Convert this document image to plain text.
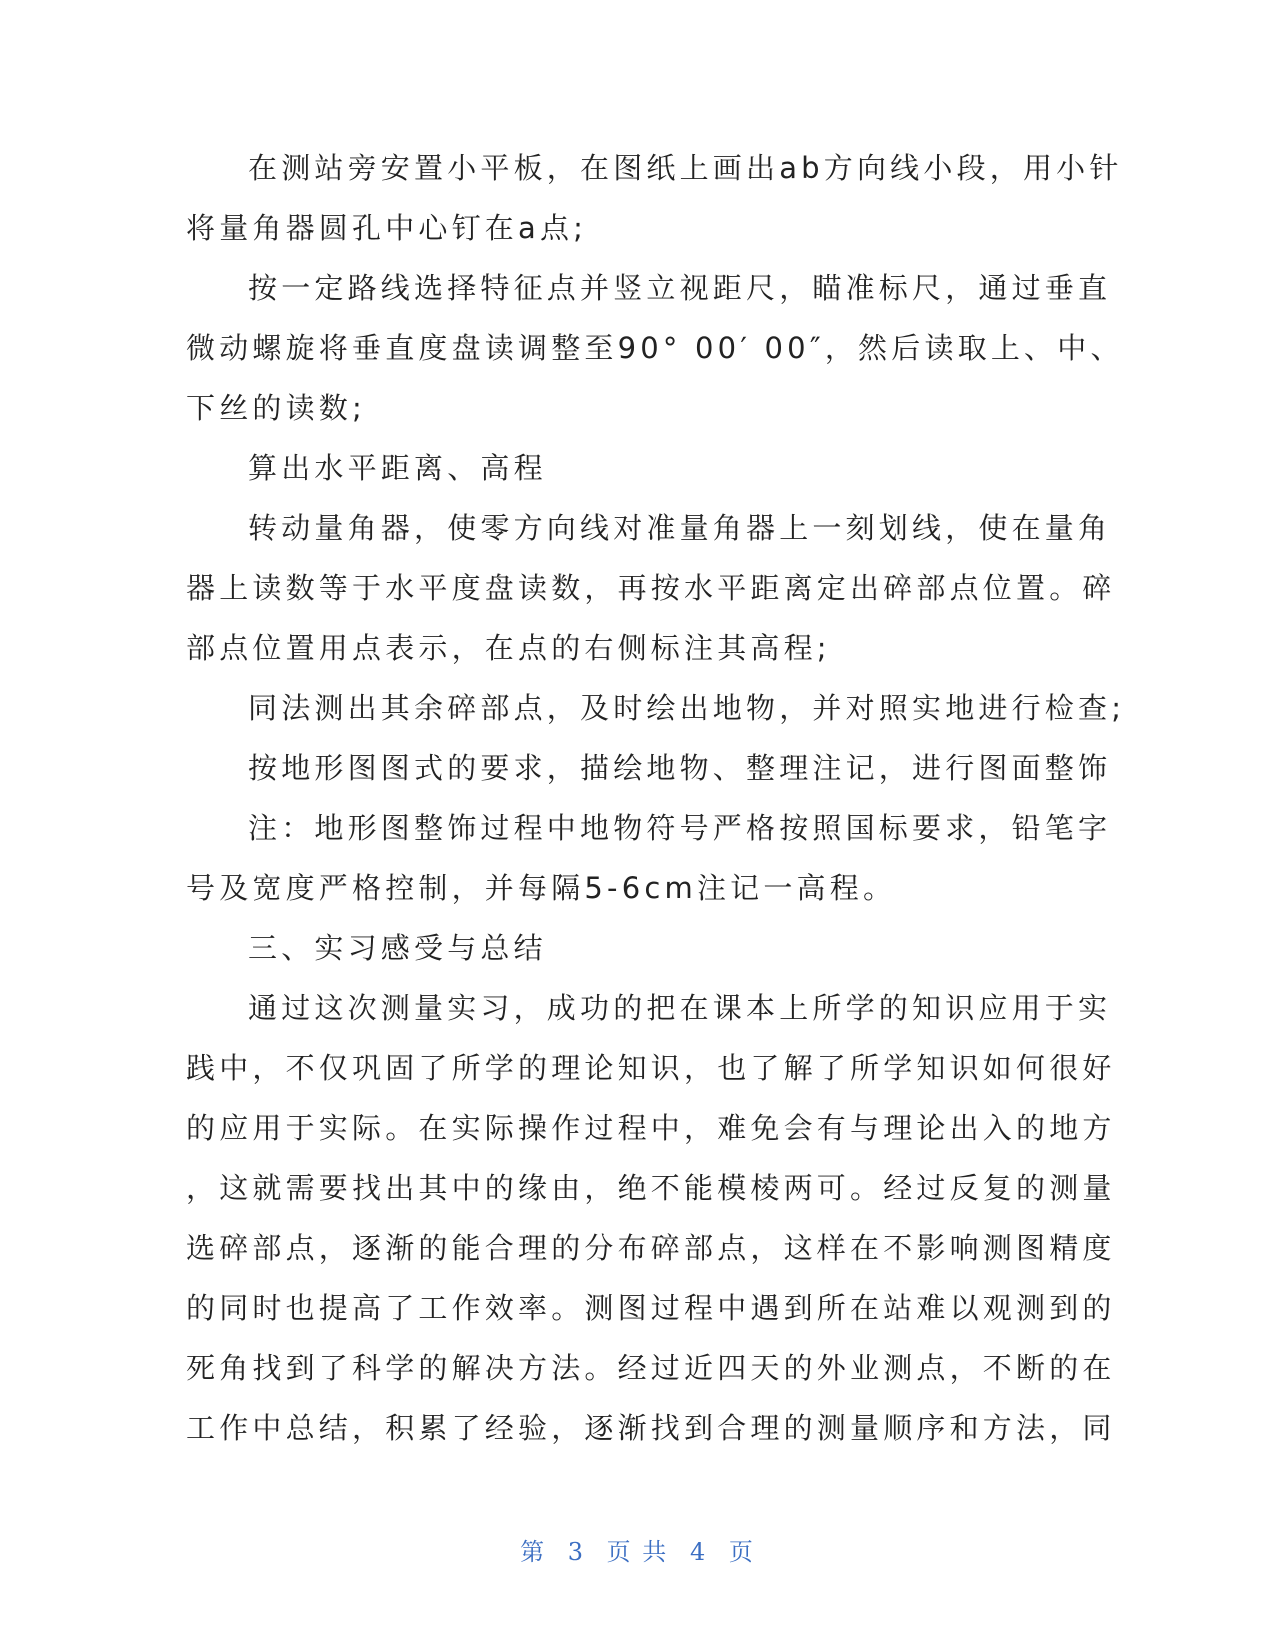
在测站旁安置小平板，在图纸上画出ab方向线小段，用小针
将量角器圆孔中心钉在a点;
按一定路线选择特征点并竖立视距尺，瞄准标尺，通过垂直
微动螺旋将垂直度盘读调整至90° 00′ 00″，然后读取上、中、
下丝的读数;
算出水平距离、高程
转动量角器，使零方向线对准量角器上一刻划线，使在量角
器上读数等于水平度盘读数，再按水平距离定出碎部点位置。碎
部点位置用点表示，在点的右侧标注其高程;
同法测出其余碎部点，及时绘出地物，并对照实地进行检查;
按地形图图式的要求，描绘地物、整理注记，进行图面整饰
注：地形图整饰过程中地物符号严格按照国标要求，铅笔字
号及宽度严格控制，并每隔5-6cm注记一高程。
三、实习感受与总结
通过这次测量实习，成功的把在课本上所学的知识应用于实
践中，不仅巩固了所学的理论知识，也了解了所学知识如何很好
的应用于实际。在实际操作过程中，难免会有与理论出入的地方
，这就需要找出其中的缘由，绝不能模棱两可。经过反复的测量
选碎部点，逐渐的能合理的分布碎部点，这样在不影响测图精度
的同时也提高了工作效率。测图过程中遇到所在站难以观测到的
死角找到了科学的解决方法。经过近四天的外业测点，不断的在
工作中总结，积累了经验，逐渐找到合理的测量顺序和方法，同
第 3 页 共 4 页
